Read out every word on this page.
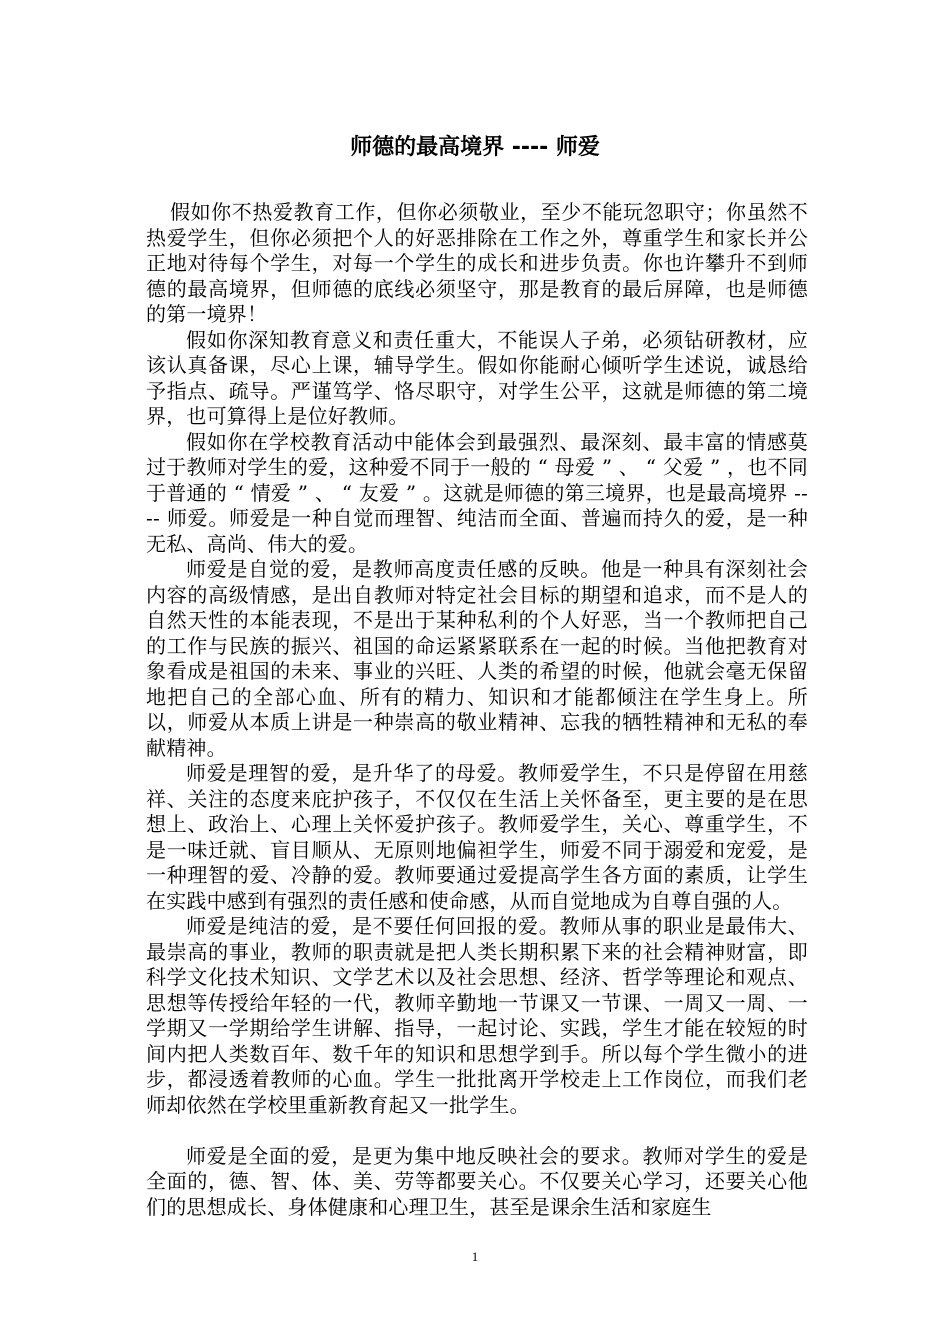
师德的最高境界 ---- 师爱

假如你不热爱教育工作，但你必须敬业，至少不能玩忽职守；你虽然不热爱学生，但你必须把个人的好恶排除在工作之外，尊重学生和家长并公正地对待每个学生，对每一个学生的成长和进步负责。你也许攀升不到师德的最高境界，但师德的底线必须坚守，那是教育的最后屏障，也是师德的第一境界！

假如你深知教育意义和责任重大，不能误人子弟，必须钻研教材，应该认真备课，尽心上课，辅导学生。假如你能耐心倾听学生述说，诚恳给予指点、疏导。严谨笃学、恪尽职守，对学生公平，这就是师德的第二境界，也可算得上是位好教师。

假如你在学校教育活动中能体会到最强烈、最深刻、最丰富的情感莫过于教师对学生的爱，这种爱不同于一般的 “ 母爱 ” 、 “ 父爱 ” ，也不同于普通的 “ 情爱 ” 、 “ 友爱 ” 。这就是师德的第三境界，也是最高境界 ---- 师爱。师爱是一种自觉而理智、纯洁而全面、普遍而持久的爱，是一种无私、高尚、伟大的爱。

师爱是自觉的爱，是教师高度责任感的反映。他是一种具有深刻社会内容的高级情感，是出自教师对特定社会目标的期望和追求，而不是人的自然天性的本能表现，不是出于某种私利的个人好恶，当一个教师把自己的工作与民族的振兴、祖国的命运紧紧联系在一起的时候。当他把教育对象看成是祖国的未来、事业的兴旺、人类的希望的时候，他就会毫无保留地把自己的全部心血、所有的精力、知识和才能都倾注在学生身上。所以，师爱从本质上讲是一种崇高的敬业精神、忘我的牺牲精神和无私的奉献精神。

师爱是理智的爱，是升华了的母爱。教师爱学生，不只是停留在用慈祥、关注的态度来庇护孩子，不仅仅在生活上关怀备至，更主要的是在思想上、政治上、心理上关怀爱护孩子。教师爱学生，关心、尊重学生，不是一味迁就、盲目顺从、无原则地偏袒学生，师爱不同于溺爱和宠爱，是一种理智的爱、冷静的爱。教师要通过爱提高学生各方面的素质，让学生在实践中感到有强烈的责任感和使命感，从而自觉地成为自尊自强的人。

师爱是纯洁的爱，是不要任何回报的爱。教师从事的职业是最伟大、最崇高的事业，教师的职责就是把人类长期积累下来的社会精神财富，即科学文化技术知识、文学艺术以及社会思想、经济、哲学等理论和观点、思想等传授给年轻的一代，教师辛勤地一节课又一节课、一周又一周、一学期又一学期给学生讲解、指导，一起讨论、实践，学生才能在较短的时间内把人类数百年、数千年的知识和思想学到手。所以每个学生微小的进步，都浸透着教师的心血。学生一批批离开学校走上工作岗位，而我们老师却依然在学校里重新教育起又一批学生。

师爱是全面的爱，是更为集中地反映社会的要求。教师对学生的爱是全面的，德、智、体、美、劳等都要关心。不仅要关心学习，还要关心他们的思想成长、身体健康和心理卫生，甚至是课余生活和家庭生

1
